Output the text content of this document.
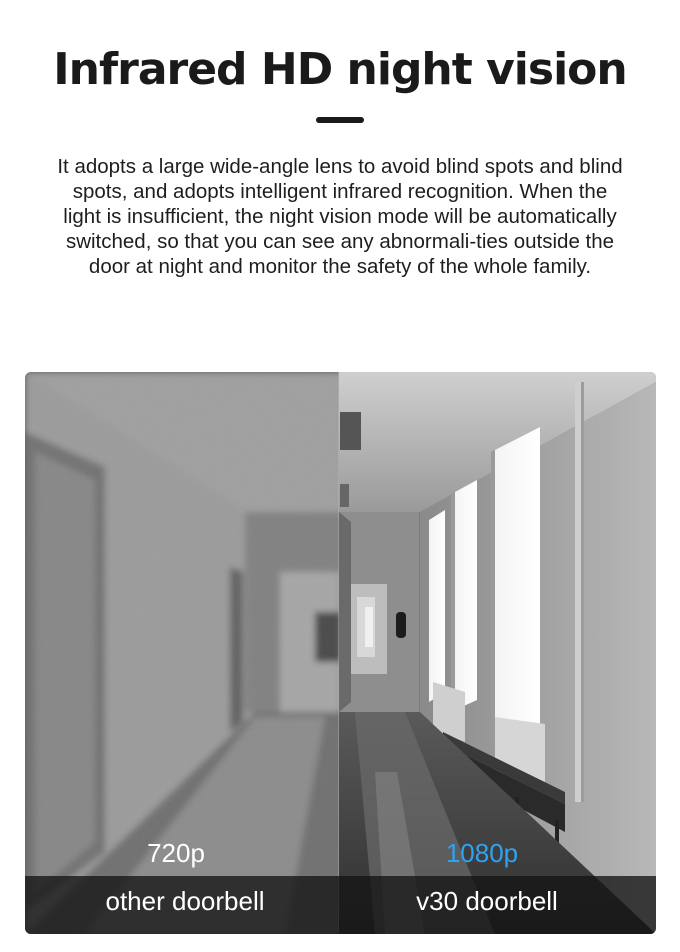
Infrared HD night vision
It adopts a large wide-angle lens to avoid blind spots and blind spots, and adopts intelligent infrared recognition. When the light is insufficient, the night vision mode will be automatically switched, so that you can see any abnormali-ties outside the door at night and monitor the safety of the whole family.
720p	1080p
other doorbell	v30 doorbell
